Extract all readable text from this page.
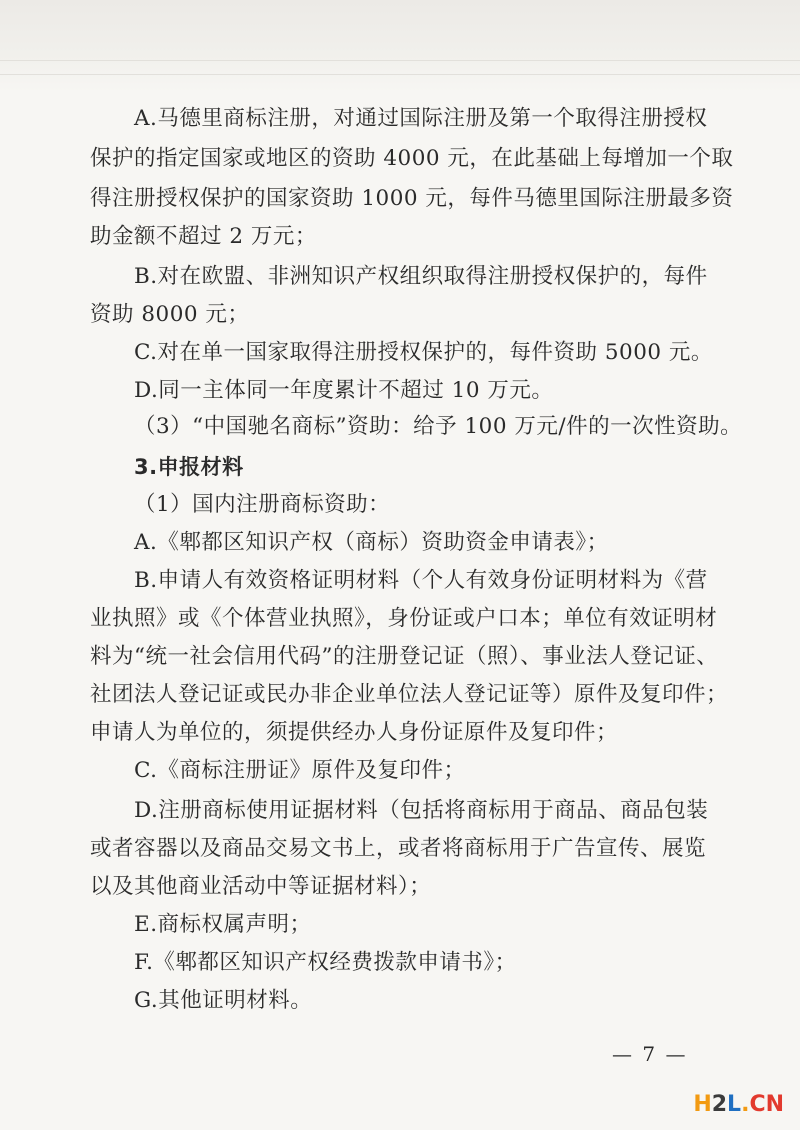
A.马德里商标注册，对通过国际注册及第一个取得注册授权
保护的指定国家或地区的资助 4000 元，在此基础上每增加一个取
得注册授权保护的国家资助 1000 元，每件马德里国际注册最多资
助金额不超过 2 万元；
B.对在欧盟、非洲知识产权组织取得注册授权保护的，每件
资助 8000 元；
C.对在单一国家取得注册授权保护的，每件资助 5000 元。
D.同一主体同一年度累计不超过 10 万元。
（3）“中国驰名商标”资助：给予 100 万元/件的一次性资助。
3.申报材料
（1）国内注册商标资助：
A.《郫都区知识产权（商标）资助资金申请表》；
B.申请人有效资格证明材料（个人有效身份证明材料为《营
业执照》或《个体营业执照》，身份证或户口本；单位有效证明材
料为“统一社会信用代码”的注册登记证（照）、事业法人登记证、
社团法人登记证或民办非企业单位法人登记证等）原件及复印件；
申请人为单位的，须提供经办人身份证原件及复印件；
C.《商标注册证》原件及复印件；
D.注册商标使用证据材料（包括将商标用于商品、商品包装
或者容器以及商品交易文书上，或者将商标用于广告宣传、展览
以及其他商业活动中等证据材料）；
E.商标权属声明；
F.《郫都区知识产权经费拨款申请书》；
G.其他证明材料。
— 7 —
H2L.CN
